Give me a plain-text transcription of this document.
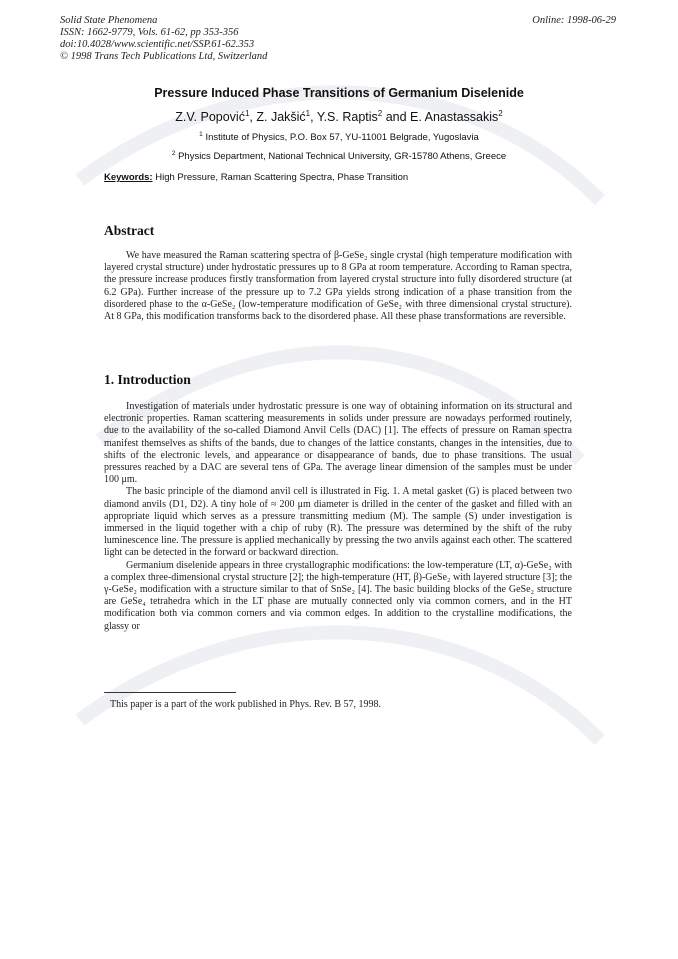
Solid State Phenomena
ISSN: 1662-9779, Vols. 61-62, pp 353-356
doi:10.4028/www.scientific.net/SSP.61-62.353
© 1998 Trans Tech Publications Ltd, Switzerland
Online: 1998-06-29
Pressure Induced Phase Transitions of Germanium Diselenide
Z.V. Popović$^1$, Z. Jakšić$^1$, Y.S. Raptis$^2$ and E. Anastassakis$^2$
$^1$ Institute of Physics, P.O. Box 57, YU-11001 Belgrade, Yugoslavia
$^2$ Physics Department, National Technical University, GR-15780 Athens, Greece
Keywords: High Pressure, Raman Scattering Spectra, Phase Transition
Abstract

We have measured the Raman scattering spectra of β-GeSe₂ single crystal (high temperature modification with layered crystal structure) under hydrostatic pressures up to 8 GPa at room temperature. According to Raman spectra, the pressure increase produces firstly transformation from layered crystal structure into fully disordered structure (at 6.2 GPa). Further increase of the pressure up to 7.2 GPa yields strong indication of a phase transition from the disordered phase to the α-GeSe₂ (low-temperature modification of GeSe₂ with three dimensional crystal structure). At 8 GPa, this modification transforms back to the disordered phase. All these phase transformations are reversible.

1. Introduction

Investigation of materials under hydrostatic pressure is one way of obtaining information on its structural and electronic properties. Raman scattering measurements in solids under pressure are nowadays performed routinely, due to the availability of the so-called Diamond Anvil Cells (DAC) [1]. The effects of pressure on Raman spectra manifest themselves as shifts of the bands, due to changes of the lattice constants, changes in the intensities, due to shifts of the electronic levels, and appearance or disappearance of bands, due to phase transitions. The usual pressures reached by a DAC are several tens of GPa. The average linear dimension of the samples must be under 100 μm.

The basic principle of the diamond anvil cell is illustrated in Fig. 1. A metal gasket (G) is placed between two diamond anvils (D1, D2). A tiny hole of ≈ 200 μm diameter is drilled in the center of the gasket and filled with an appropriate liquid which serves as a pressure transmitting medium (M). The sample (S) under investigation is immersed in the liquid together with a chip of ruby (R). The pressure was determined by the shift of the ruby luminescence line. The pressure is applied mechanically by pressing the two anvils against each other. The scattered light can be detected in the forward or backward direction.

Germanium diselenide appears in three crystallographic modifications: the low-temperature (LT, α)-GeSe₂ with a complex three-dimensional crystal structure [2]; the high-temperature (HT, β)-GeSe₂ with layered structure [3]; the γ-GeSe₂ modification with a structure similar to that of SnSe₂ [4]. The basic building blocks of the GeSe₂ structure are GeSe₄ tetrahedra which in the LT phase are mutually connected only via common corners, and in the HT modification both via common corners and via common edges. In addition to the crystalline modifications, the glassy or

This paper is a part of the work published in Phys. Rev. B 57, 1998.
